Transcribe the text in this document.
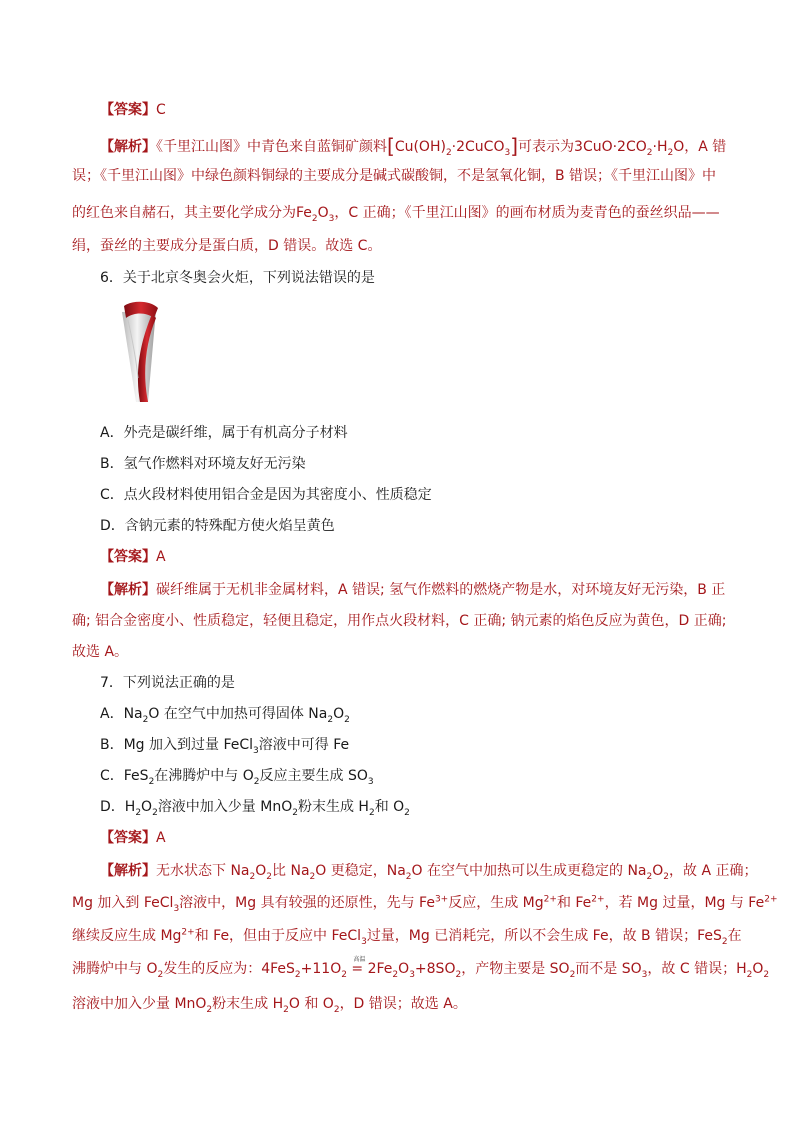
【答案】C
【解析】《千里江山图》中青色来自蓝铜矿颜料$[Cu(OH)_2\cdot 2CuCO_3]$可表示为$3CuO\cdot 2CO_2\cdot H_2O$，A 错
误；《千里江山图》中绿色颜料铜绿的主要成分是碱式碳酸铜，不是氢氧化铜，B 错误；《千里江山图》中
的红色来自赭石，其主要化学成分为$Fe_2O_3$，C 正确；《千里江山图》的画布材质为麦青色的蚕丝织品——
绢，蚕丝的主要成分是蛋白质，D 错误。故选 C。
6．关于北京冬奥会火炬，下列说法错误的是
A．外壳是碳纤维，属于有机高分子材料
B．氢气作燃料对环境友好无污染
C．点火段材料使用铝合金是因为其密度小、性质稳定
D．含钠元素的特殊配方使火焰呈黄色
【答案】A
【解析】碳纤维属于无机非金属材料，A 错误; 氢气作燃料的燃烧产物是水，对环境友好无污染，B 正
确; 铝合金密度小、性质稳定，轻便且稳定，用作点火段材料，C 正确; 钠元素的焰色反应为黄色，D 正确;
故选 A。
7．下列说法正确的是
A．$Na_2O$ 在空气中加热可得固体 $Na_2O_2$
B．Mg 加入到过量 FeCl$_3$溶液中可得 Fe
C．FeS$_2$在沸腾炉中与 $O_2$反应主要生成 $SO_3$
D．$H_2O_2$溶液中加入少量 MnO$_2$粉末生成 $H_2$和 $O_2$
【答案】A
【解析】无水状态下 $Na_2O_2$比 $Na_2O$ 更稳定，$Na_2O$ 在空气中加热可以生成更稳定的 $Na_2O_2$，故 A 正确；
Mg 加入到 FeCl$_3$溶液中，Mg 具有较强的还原性，先与 $Fe^{3+}$反应，生成 $Mg^{2+}$和 $Fe^{2+}$，若 Mg 过量，Mg 与 $Fe^{2+}$
继续反应生成 $Mg^{2+}$和 Fe，但由于反应中 FeCl$_3$过量，Mg 已消耗完，所以不会生成 Fe，故 B 错误；FeS$_2$在
沸腾炉中与 $O_2$发生的反应为：$4FeS_2+11O_2$
高温
= $2Fe_2O_3+8SO_2$，产物主要是 $SO_2$而不是 $SO_3$，故 C 错误；$H_2O_2$
溶液中加入少量 MnO$_2$粉末生成 $H_2O$ 和 $O_2$，D 错误；故选 A。
